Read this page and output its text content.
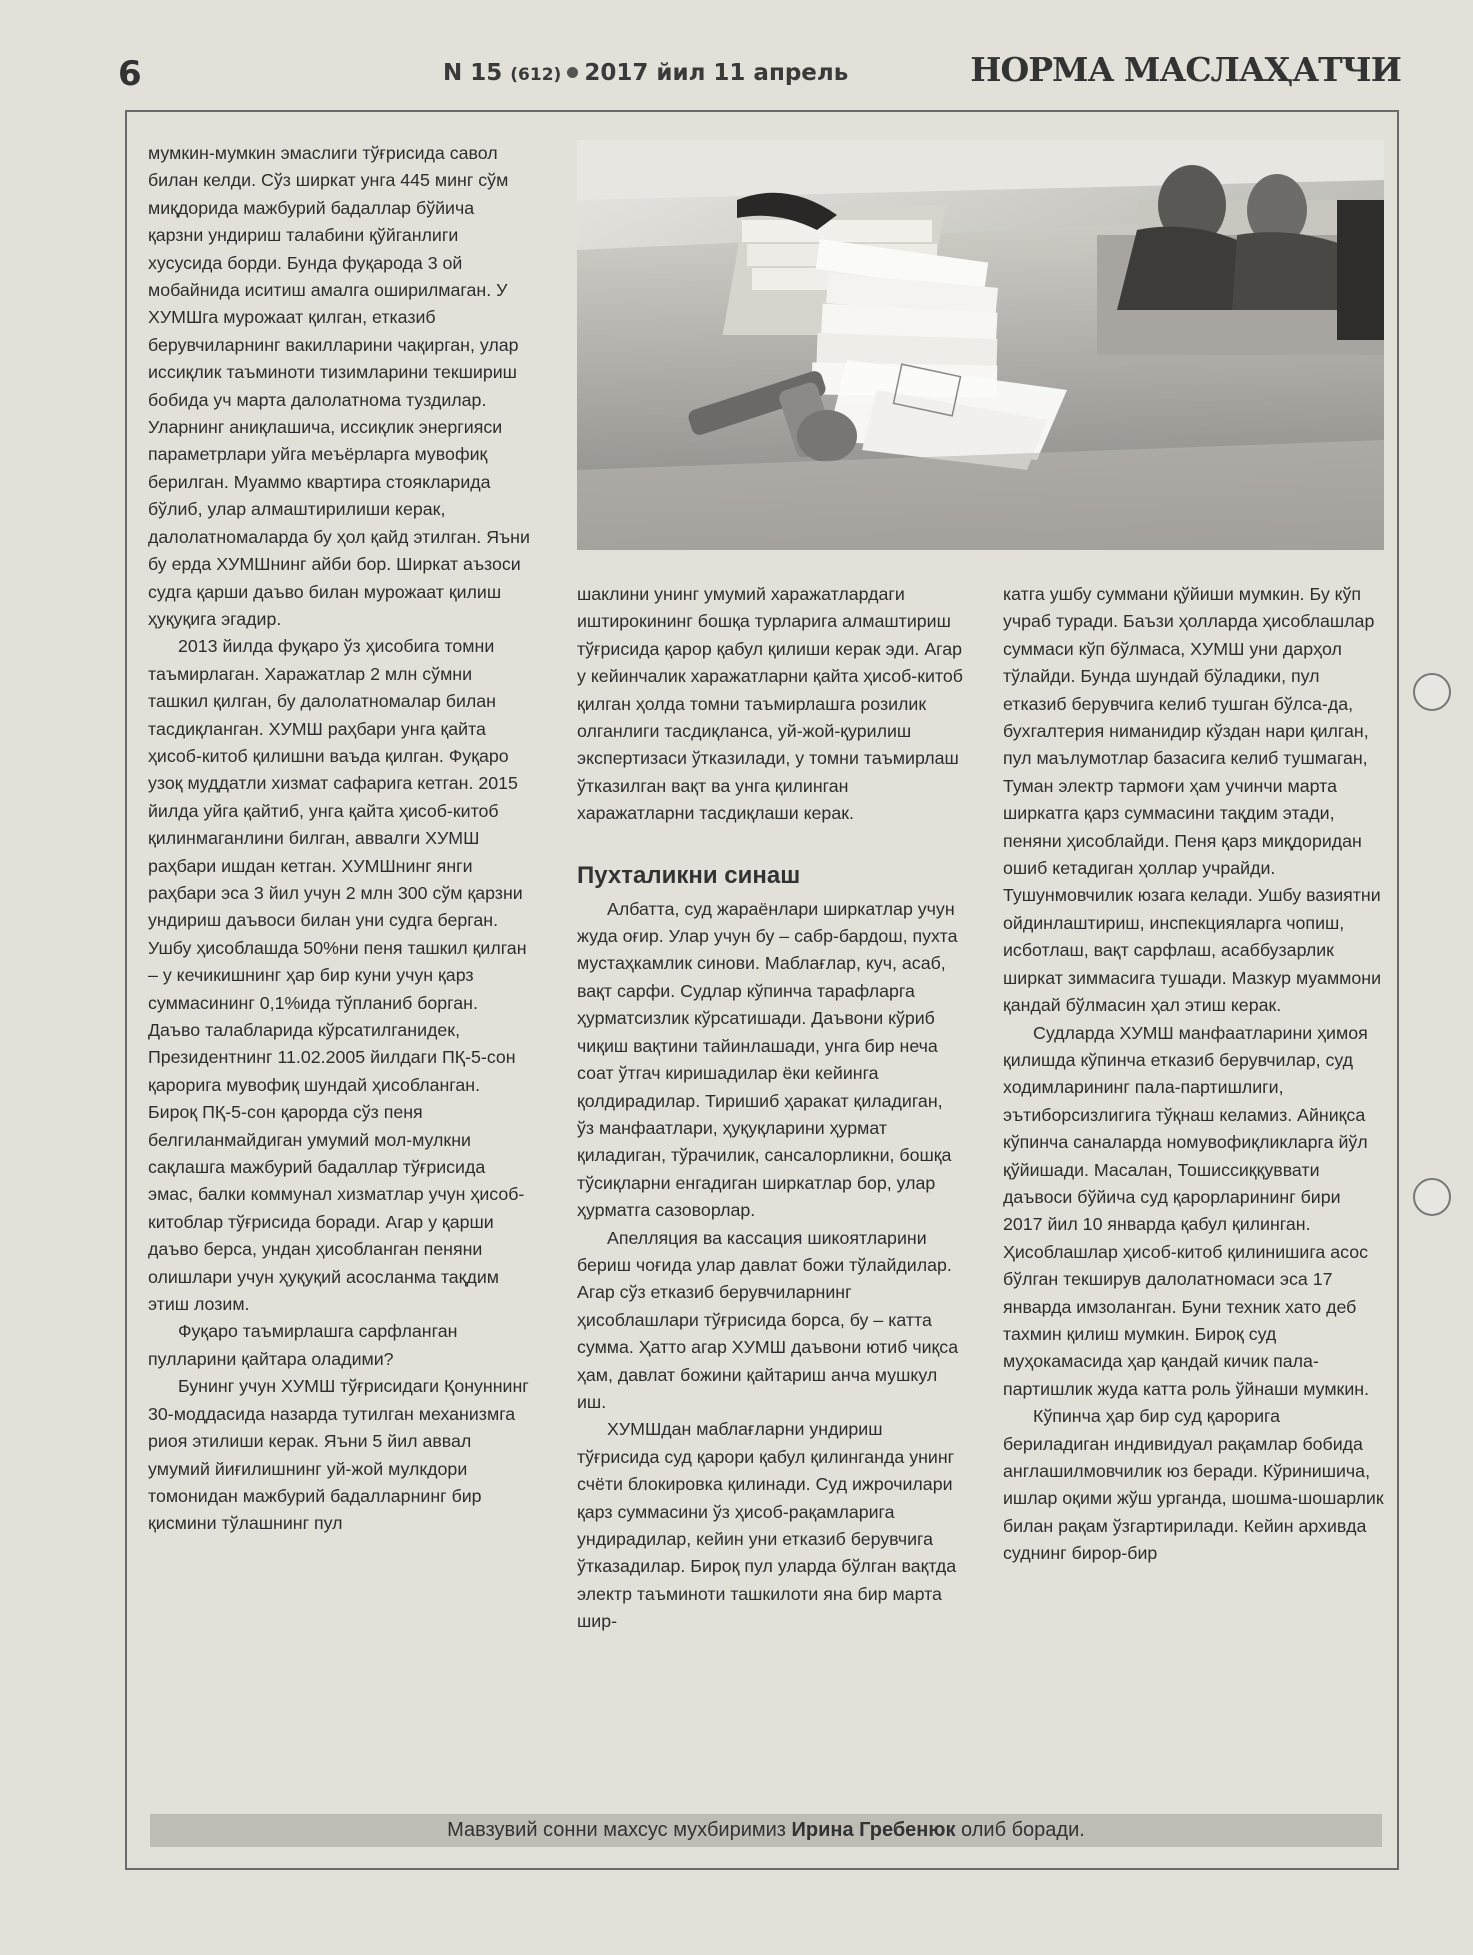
6	N 15 (612) 2017 йил 11 апрель	НОРМА МАСЛАҲАТЧИ

мумкин-мумкин эмаслиги тўғрисида савол билан келди. Сўз ширкат унга 445 минг сўм миқдорида мажбурий бадаллар бўйича қарзни ундириш талабини қўйганлиги хусусида борди. Бунда фуқарода 3 ой мобайнида иситиш амалга оширилмаган. У ХУМШга мурожаат қилган, етказиб берувчиларнинг вакилларини чақирган, улар иссиқлик таъминоти тизимларини текшириш бобида уч марта далолатнома туздилар. Уларнинг аниқлашича, иссиқлик энергияси параметрлари уйга меъёрларга мувофиқ берилган. Муаммо квартира стоякларида бўлиб, улар алмаштирилиши керак, далолатномаларда бу ҳол қайд этилган. Яъни бу ерда ХУМШнинг айби бор. Ширкат аъзоси судга қарши даъво билан мурожаат қилиш ҳуқуқига эгадир.

2013 йилда фуқаро ўз ҳисобига томни таъмирлаган. Харажатлар 2 млн сўмни ташкил қилган, бу далолатномалар билан тасдиқланган. ХУМШ раҳбари унга қайта ҳисоб-китоб қилишни ваъда қилган. Фуқаро узоқ муддатли хизмат сафарига кетган. 2015 йилда уйга қайтиб, унга қайта ҳисоб-китоб қилинмаганлини билган, аввалги ХУМШ раҳбари ишдан кетган. ХУМШнинг янги раҳбари эса 3 йил учун 2 млн 300 сўм қарзни ундириш даъвоси билан уни судга берган. Ушбу ҳисоблашда 50%ни пеня ташкил қилган – у кечикишнинг ҳар бир куни учун қарз суммасининг 0,1%ида тўпланиб борган. Даъво талабларида кўрсатилганидек, Президентнинг 11.02.2005 йилдаги ПҚ-5-сон қарорига мувофиқ шундай ҳисобланган. Бироқ ПҚ-5-сон қарорда сўз пеня белгиланмайдиган умумий мол-мулкни сақлашга мажбурий бадаллар тўғрисида эмас, балки коммунал хизматлар учун ҳисоб-китоблар тўғрисида боради. Агар у қарши даъво берса, ундан ҳисобланган пеняни олишлари учун ҳуқуқий асосланма тақдим этиш лозим.

Фуқаро таъмирлашга сарфланган пулларини қайтара оладими?

Бунинг учун ХУМШ тўғрисидаги Қонуннинг 30-моддасида назарда тутилган механизмга риоя этилиши керак. Яъни 5 йил аввал умумий йиғилишнинг уй-жой мулкдори томонидан мажбурий бадалларнинг бир қисмини тўлашнинг пул

шаклини унинг умумий харажатлардаги иштирокининг бошқа турларига алмаштириш тўғрисида қарор қабул қилиши керак эди. Агар у кейинчалик харажатларни қайта ҳисоб-китоб қилган ҳолда томни таъмирлашга розилик олганлиги тасдиқланса, уй-жой-қурилиш экспертизаси ўтказилади, у томни таъмирлаш ўтказилган вақт ва унга қилинган харажатларни тасдиқлаши керак.

Пухталикни синаш

Албатта, суд жараёнлари ширкатлар учун жуда оғир. Улар учун бу – сабр-бардош, пухта мустаҳкамлик синови. Маблағлар, куч, асаб, вақт сарфи. Судлар кўпинча тарафларга ҳурматсизлик кўрсатишади. Даъвони кўриб чиқиш вақтини тайинлашади, унга бир неча соат ўтгач киришадилар ёки кейинга қолдирадилар. Тиришиб ҳаракат қиладиган, ўз манфаатлари, ҳуқуқларини ҳурмат қиладиган, тўрачилик, сансалорликни, бошқа тўсиқларни енгадиган ширкатлар бор, улар ҳурматга сазоворлар.

Апелляция ва кассация шикоятларини бериш чоғида улар давлат божи тўлайдилар. Агар сўз етказиб берувчиларнинг ҳисоблашлари тўғрисида борса, бу – катта сумма. Ҳатто агар ХУМШ даъвони ютиб чиқса ҳам, давлат божини қайтариш анча мушкул иш.

ХУМШдан маблағларни ундириш тўғрисида суд қарори қабул қилинганда унинг счёти блокировка қилинади. Суд ижрочилари қарз суммасини ўз ҳисоб-рақамларига ундирадилар, кейин уни етказиб берувчига ўтказадилар. Бироқ пул уларда бўлган вақтда электр таъминоти ташкилоти яна бир марта шир-

катга ушбу суммани қўйиши мумкин. Бу кўп учраб туради. Баъзи ҳолларда ҳисоблашлар суммаси кўп бўлмаса, ХУМШ уни дарҳол тўлайди. Бунда шундай бўладики, пул етказиб берувчига келиб тушган бўлса-да, бухгалтерия ниманидир кўздан нари қилган, пул маълумотлар базасига келиб тушмаган, Туман электр тармоғи ҳам учинчи марта ширкатга қарз суммасини тақдим этади, пеняни ҳисоблайди. Пеня қарз миқдоридан ошиб кетадиган ҳоллар учрайди. Тушунмовчилик юзага келади. Ушбу вазиятни ойдинлаштириш, инспекцияларга чопиш, исботлаш, вақт сарфлаш, асаббузарлик ширкат зиммасига тушади. Мазкур муаммони қандай бўлмасин ҳал этиш керак.

Судларда ХУМШ манфаатларини ҳимоя қилишда кўпинча етказиб берувчилар, суд ходимларининг пала-партишлиги, эътиборсизлигига тўқнаш келамиз. Айниқса кўпинча саналарда номувофиқликларга йўл қўйишади. Масалан, Тошиссиққуввати даъвоси бўйича суд қарорларининг бири 2017 йил 10 январда қабул қилинган. Ҳисоблашлар ҳисоб-китоб қилинишига асос бўлган текширув далолатномаси эса 17 январда имзоланган. Буни техник хато деб тахмин қилиш мумкин. Бироқ суд муҳокамасида ҳар қандай кичик пала-партишлик жуда катта роль ўйнаши мумкин.

Кўпинча ҳар бир суд қарорига бериладиган индивидуал рақамлар бобида англашилмовчилик юз беради. Кўринишича, ишлар оқими жўш урганда, шошма-шошарлик билан рақам ўзгартирилади. Кейин архивда суднинг бирор-бир

Мавзувий сонни махсус мухбиримиз Ирина Гребенюк олиб боради.
